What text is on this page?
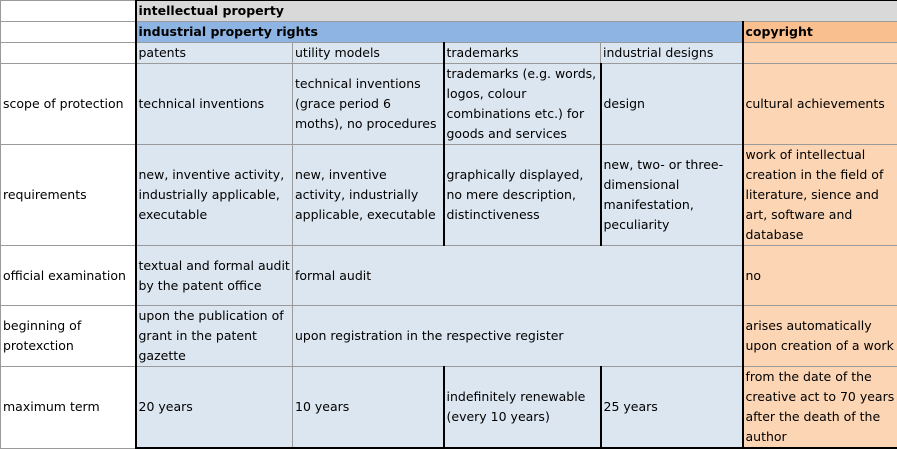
	intellectual property				
	industrial property rights				copyright
	patents	utility models	trademarks	industrial designs	
scope of protection	technical inventions	technical inventions (grace period 6 moths), no procedures	trademarks (e.g. words, logos, colour combinations etc.) for goods and services	design	cultural achievements
requirements	new, inventive activity, industrially applicable, executable	new, inventive activity, industrially applicable, executable	graphically displayed, no mere description, distinctiveness	new, two- or three-dimensional manifestation, peculiarity	work of intellectual creation in the field of literature, sience and art, software and database
official examination	textual and formal audit by the patent office	formal audit			no
beginning of protexction	upon the publication of grant in the patent gazette	upon registration in the respective register			arises automatically upon creation of a work
maximum term	20 years	10 years	indefinitely renewable (every 10 years)	25 years	from the date of the creative act to 70 years after the death of the author
